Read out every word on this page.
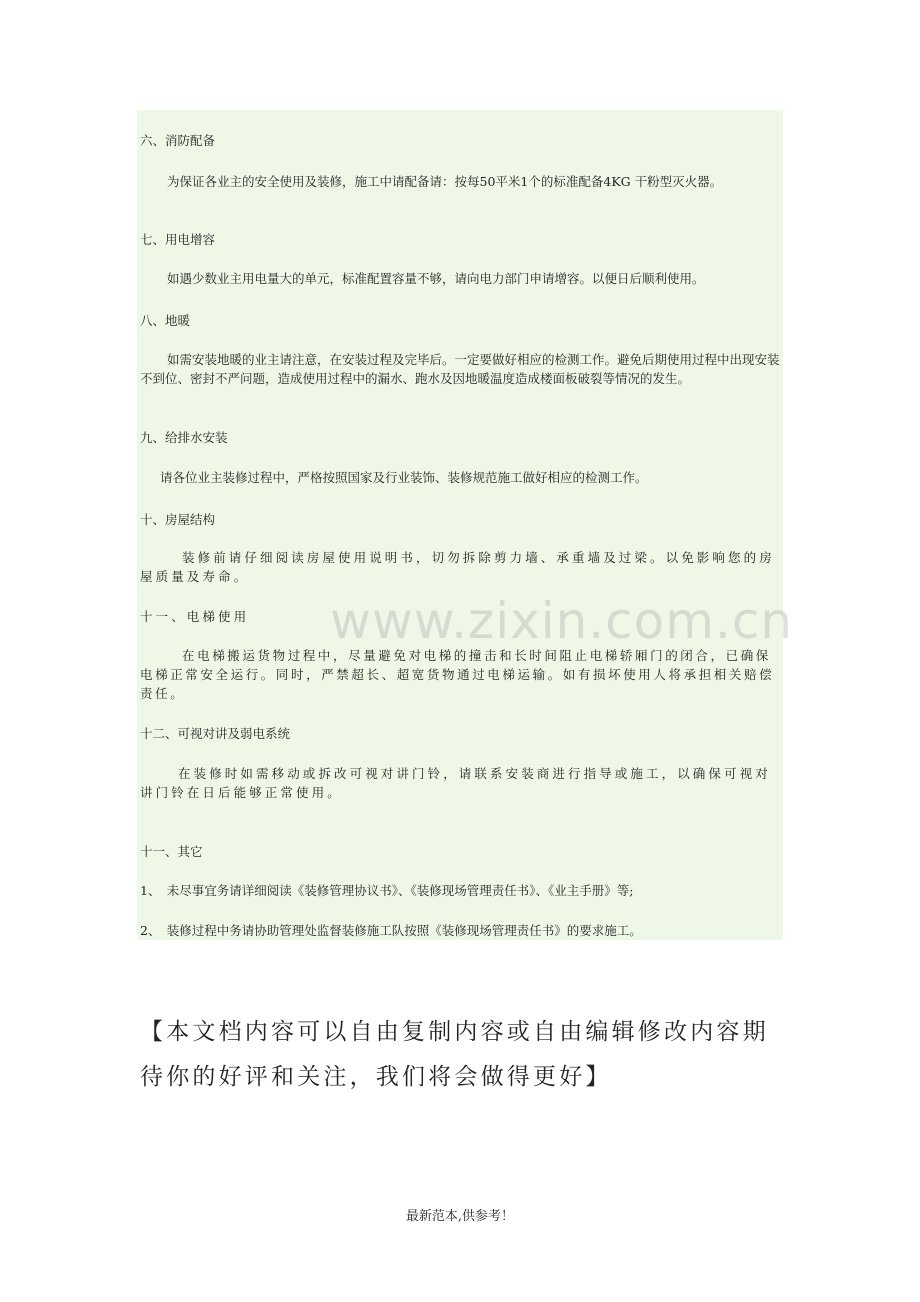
六、消防配备
为保证各业主的安全使用及装修，施工中请配备请：按每50平米1个的标准配备4KG 干粉型灭火器。
七、用电增容
如遇少数业主用电量大的单元，标准配置容量不够，请向电力部门申请增容。以便日后顺利使用。
八、地暖
如需安装地暖的业主请注意，在安装过程及完毕后。一定要做好相应的检测工作。避免后期使用过程中出现安装不到位、密封不严问题，造成使用过程中的漏水、跑水及因地暖温度造成楼面板破裂等情况的发生。
九、给排水安装
请各位业主装修过程中，严格按照国家及行业装饰、装修规范施工做好相应的检测工作。
十、房屋结构
装修前请仔细阅读房屋使用说明书，切勿拆除剪力墙、承重墙及过梁。以免影响您的房屋质量及寿命。
十一、电梯使用
在电梯搬运货物过程中，尽量避免对电梯的撞击和长时间阻止电梯轿厢门的闭合，已确保电梯正常安全运行。同时，严禁超长、超宽货物通过电梯运输。如有损坏使用人将承担相关赔偿责任。
十二、可视对讲及弱电系统
在装修时如需移动或拆改可视对讲门铃，请联系安装商进行指导或施工，以确保可视对讲门铃在日后能够正常使用。
十一、其它
1、　未尽事宜务请详细阅读《装修管理协议书》、《装修现场管理责任书》、《业主手册》等;
2、　装修过程中务请协助管理处监督装修施工队按照《装修现场管理责任书》的要求施工。
www.zixin.com.cn
【本文档内容可以自由复制内容或自由编辑修改内容期待你的好评和关注，我们将会做得更好】
最新范本,供参考！
